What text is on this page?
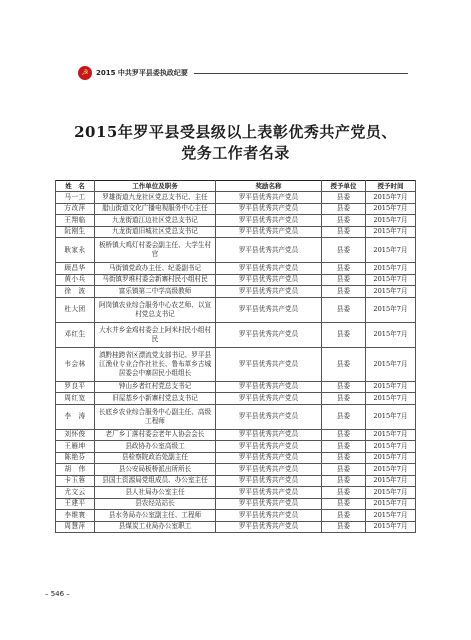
☭	2015 中共罗平县委执政纪要
2015年罗平县受县级以上表彰优秀共产党员、
党务工作者名录
姓　名	工作单位及职务	奖励名称	授予单位	授予时间
马一工	罗雄街道九龙社区党总支书记、主任	罗平县优秀共产党员	县委	2015年7月
方改萍	腊山街道文化广播电视服务中心主任	罗平县优秀共产党员	县委	2015年7月
王翔临	九龙街道江边社区党总支书记	罗平县优秀共产党员	县委	2015年7月
阮刚生	九龙街道旧城社区党总支书记	罗平县优秀共产党员	县委	2015年7月
耿家永	板桥镇大鸡灯村委会副主任、大学生村官	罗平县优秀共产党员	县委	2015年7月
顾昌华	马街镇党政办主任、纪委副书记	罗平县优秀共产党员	县委	2015年7月
黄小兵	马街镇罗堆村委会新寨村民小组村民	罗平县优秀共产党员	县委	2015年7月
徐　波	富乐镇第二中学高级教师	罗平县优秀共产党员	县委	2015年7月
杜大团	阿岗镇农业综合服务中心农艺师、以宣村党总支书记	罗平县优秀共产党员	县委	2015年7月
邓红生	大水井乡金鸡村委会上阿米村民小组村民	罗平县优秀共产党员	县委	2015年7月
韦会林	滇黔桂跨省区漂流党支部书记、罗平县江渔业专业合作社社长、鲁布革乡古城居委会中寨居民小组组长	罗平县优秀共产党员	县委	2015年7月
罗良平	钟山乡者红村党总支书记	罗平县优秀共产党员	县委	2015年7月
周红宽	旧屋基乡小新寨村党总支书记	罗平县优秀共产党员	县委	2015年7月
李　涛	长底乡农业综合服务中心副主任、高级工程师	罗平县优秀共产党员	县委	2015年7月
刘怀俊	老厂乡丁落村委会老年人协会会长	罗平县优秀共产党员	县委	2015年7月
王雁坤	县政协办公室高级工	罗平县优秀共产党员	县委	2015年7月
陈艳芬	县检察院政治处副主任	罗平县优秀共产党员	县委	2015年7月
胡　伟	县公安局板桥派出所所长	罗平县优秀共产党员	县委	2015年7月
卡玉蓉	县国土资源局党组成员、办公室主任	罗平县优秀共产党员	县委	2015年7月
尤文云	县人社局办公室主任	罗平县优秀共产党员	县委	2015年7月
王建平	县农经站站长	罗平县优秀共产党员	县委	2015年7月
李维寰	县水务局办公室副主任、工程师	罗平县优秀共产党员	县委	2015年7月
周慧萍	县煤炭工业局办公室职工	罗平县优秀共产党员	县委	2015年7月
– 546 –
